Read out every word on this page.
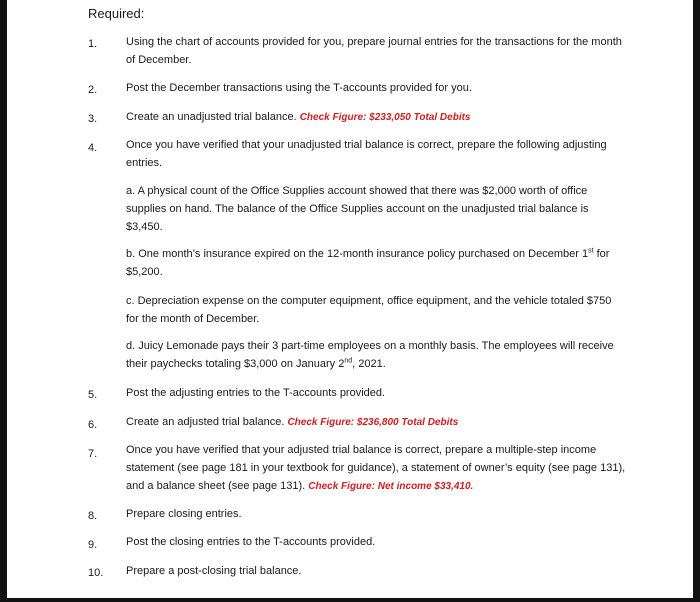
Required:
1.	Using the chart of accounts provided for you, prepare journal entries for the transactions for the month of December.
2.	Post the December transactions using the T-accounts provided for you.
3.	Create an unadjusted trial balance. Check Figure: $233,050 Total Debits
4.	Once you have verified that your unadjusted trial balance is correct, prepare the following adjusting entries.
a. A physical count of the Office Supplies account showed that there was $2,000 worth of office supplies on hand. The balance of the Office Supplies account on the unadjusted trial balance is $3,450.
b. One month’s insurance expired on the 12-month insurance policy purchased on December 1st for $5,200.
c. Depreciation expense on the computer equipment, office equipment, and the vehicle totaled $750 for the month of December.
d. Juicy Lemonade pays their 3 part-time employees on a monthly basis. The employees will receive their paychecks totaling $3,000 on January 2nd, 2021.
5.	Post the adjusting entries to the T-accounts provided.
6.	Create an adjusted trial balance. Check Figure: $236,800 Total Debits
7.	Once you have verified that your adjusted trial balance is correct, prepare a multiple-step income statement (see page 181 in your textbook for guidance), a statement of owner’s equity (see page 131), and a balance sheet (see page 131). Check Figure: Net income $33,410.
8.	Prepare closing entries.
9.	Post the closing entries to the T-accounts provided.
10. Prepare a post-closing trial balance.
